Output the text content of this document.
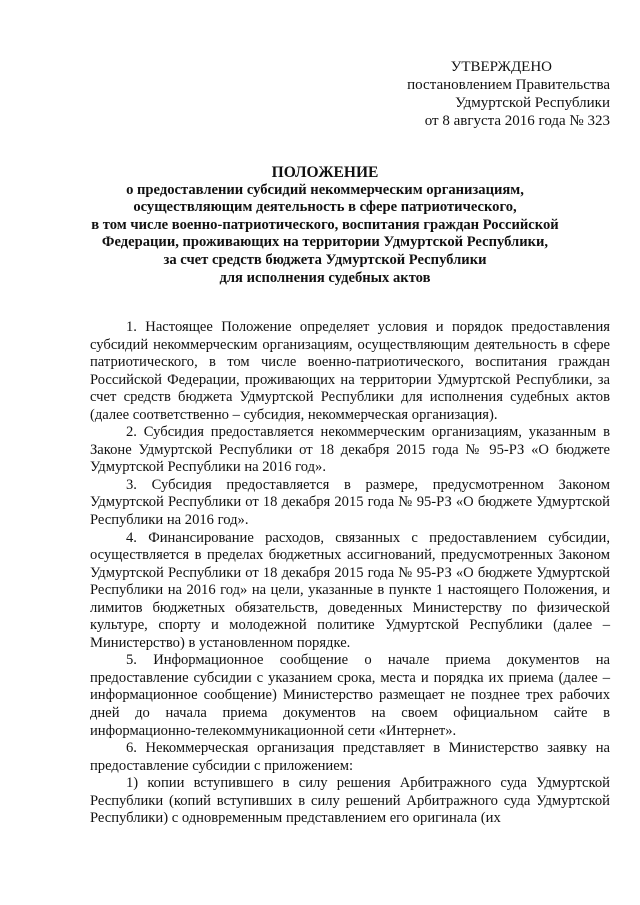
УТВЕРЖДЕНО
постановлением Правительства
Удмуртской Республики
от 8 августа 2016 года № 323
ПОЛОЖЕНИЕ
о предоставлении субсидий некоммерческим организациям,
осуществляющим деятельность в сфере патриотического,
в том числе военно-патриотического, воспитания граждан Российской
Федерации, проживающих на территории Удмуртской Республики,
за счет средств бюджета Удмуртской Республики
для исполнения судебных актов

1. Настоящее Положение определяет условия и порядок предоставления субсидий некоммерческим организациям, осуществляющим деятельность в сфере патриотического, в том числе военно-патриотического, воспитания граждан Российской Федерации, проживающих на территории Удмуртской Республики, за счет средств бюджета Удмуртской Республики для исполнения судебных актов (далее соответственно – субсидия, некоммерческая организация).

2. Субсидия предоставляется некоммерческим организациям, указанным в Законе Удмуртской Республики от 18 декабря 2015 года № 95-РЗ «О бюджете Удмуртской Республики на 2016 год».

3. Субсидия предоставляется в размере, предусмотренном Законом Удмуртской Республики от 18 декабря 2015 года № 95-РЗ «О бюджете Удмуртской Республики на 2016 год».

4. Финансирование расходов, связанных с предоставлением субсидии, осуществляется в пределах бюджетных ассигнований, предусмотренных Законом Удмуртской Республики от 18 декабря 2015 года № 95-РЗ «О бюджете Удмуртской Республики на 2016 год» на цели, указанные в пункте 1 настоящего Положения, и лимитов бюджетных обязательств, доведенных Министерству по физической культуре, спорту и молодежной политике Удмуртской Республики (далее – Министерство) в установленном порядке.

5. Информационное сообщение о начале приема документов на предоставление субсидии с указанием срока, места и порядка их приема (далее – информационное сообщение) Министерство размещает не позднее трех рабочих дней до начала приема документов на своем официальном сайте в информационно-телекоммуникационной сети «Интернет».

6. Некоммерческая организация представляет в Министерство заявку на предоставление субсидии с приложением:

1) копии вступившего в силу решения Арбитражного суда Удмуртской Республики (копий вступивших в силу решений Арбитражного суда Удмуртской Республики) с одновременным представлением его оригинала (их
